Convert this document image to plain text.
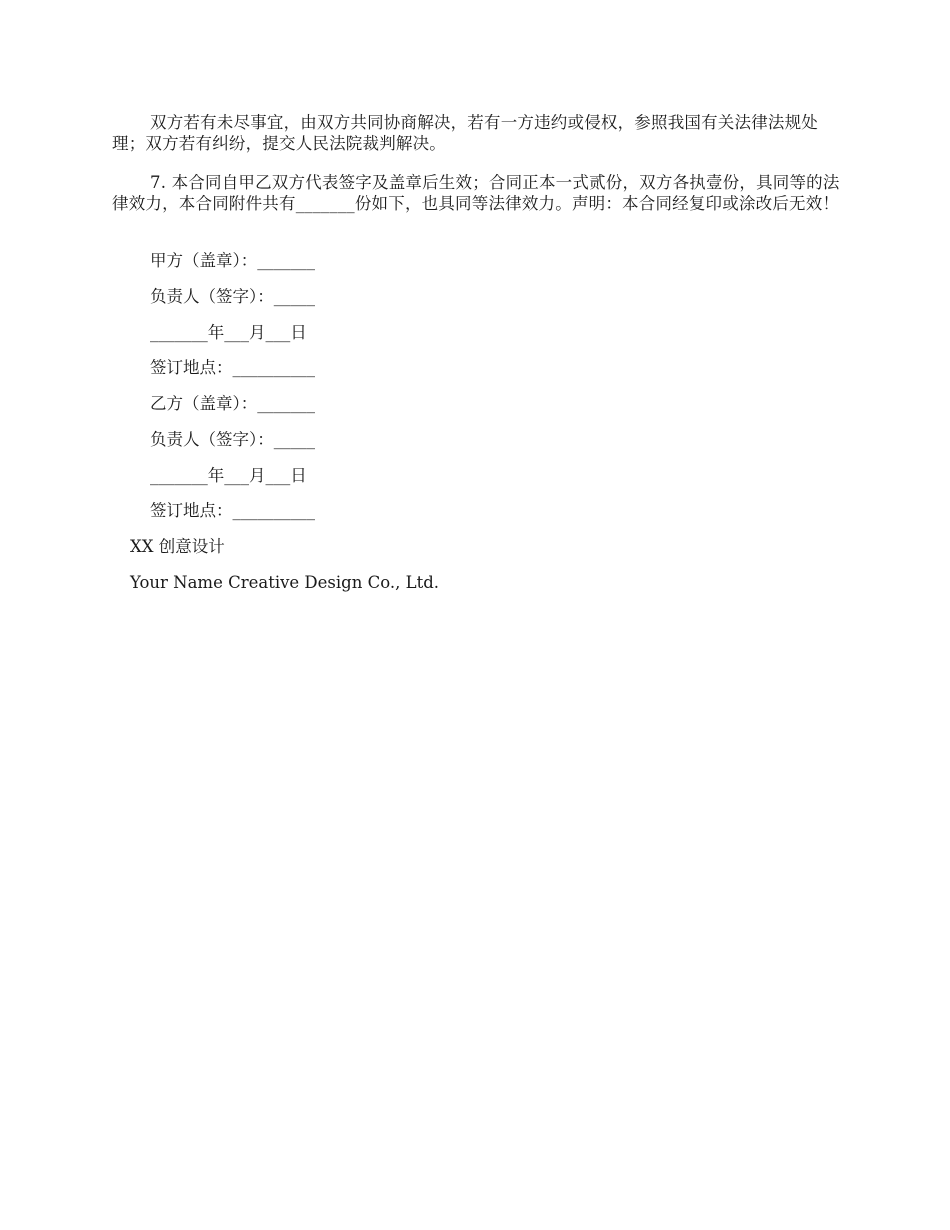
双方若有未尽事宜，由双方共同协商解决，若有一方违约或侵权，参照我国有关法律法规处理；双方若有纠纷，提交人民法院裁判解决。

7. 本合同自甲乙双方代表签字及盖章后生效；合同正本一式贰份，双方各执壹份，具同等的法律效力，本合同附件共有_______份如下，也具同等法律效力。声明：本合同经复印或涂改后无效！

甲方（盖章）：_______

负责人（签字）：_____

_______年___月___日

签订地点：__________

乙方（盖章）：_______

负责人（签字）：_____

_______年___月___日

签订地点：__________

XX 创意设计

Your Name Creative Design Co., Ltd.
